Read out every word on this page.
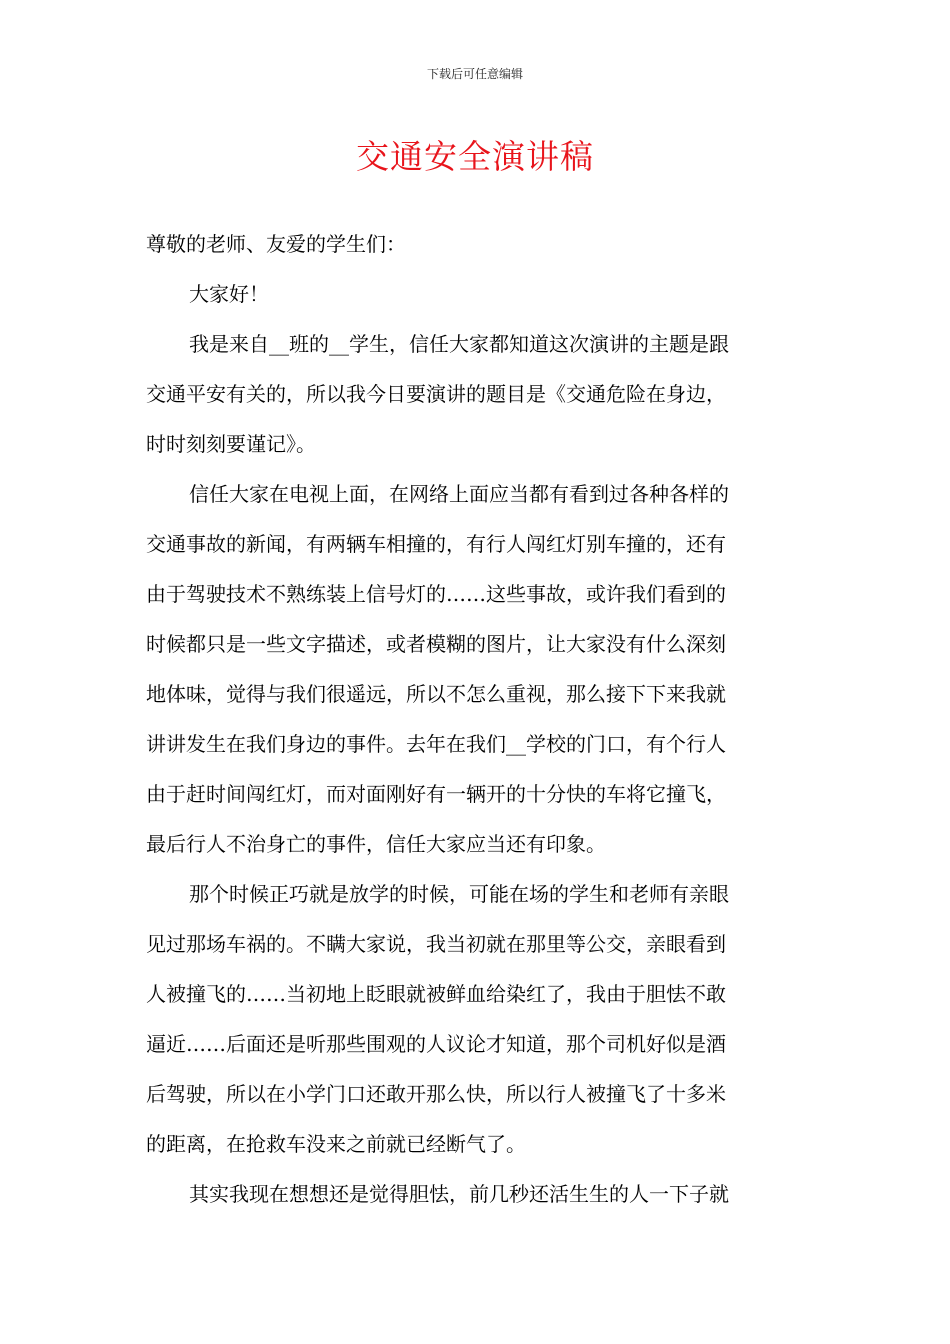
下载后可任意编辑
交通安全演讲稿
尊敬的老师、友爱的学生们：
大家好！
我是来自__班的__学生，信任大家都知道这次演讲的主题是跟
交通平安有关的，所以我今日要演讲的题目是《交通危险在身边，
时时刻刻要谨记》。
信任大家在电视上面，在网络上面应当都有看到过各种各样的
交通事故的新闻，有两辆车相撞的，有行人闯红灯别车撞的，还有
由于驾驶技术不熟练装上信号灯的……这些事故，或许我们看到的
时候都只是一些文字描述，或者模糊的图片，让大家没有什么深刻
地体味，觉得与我们很遥远，所以不怎么重视，那么接下下来我就
讲讲发生在我们身边的事件。去年在我们__学校的门口，有个行人
由于赶时间闯红灯，而对面刚好有一辆开的十分快的车将它撞飞，
最后行人不治身亡的事件，信任大家应当还有印象。
那个时候正巧就是放学的时候，可能在场的学生和老师有亲眼
见过那场车祸的。不瞒大家说，我当初就在那里等公交，亲眼看到
人被撞飞的……当初地上眨眼就被鲜血给染红了，我由于胆怯不敢
逼近……后面还是听那些围观的人议论才知道，那个司机好似是酒
后驾驶，所以在小学门口还敢开那么快，所以行人被撞飞了十多米
的距离，在抢救车没来之前就已经断气了。
其实我现在想想还是觉得胆怯，前几秒还活生生的人一下子就
